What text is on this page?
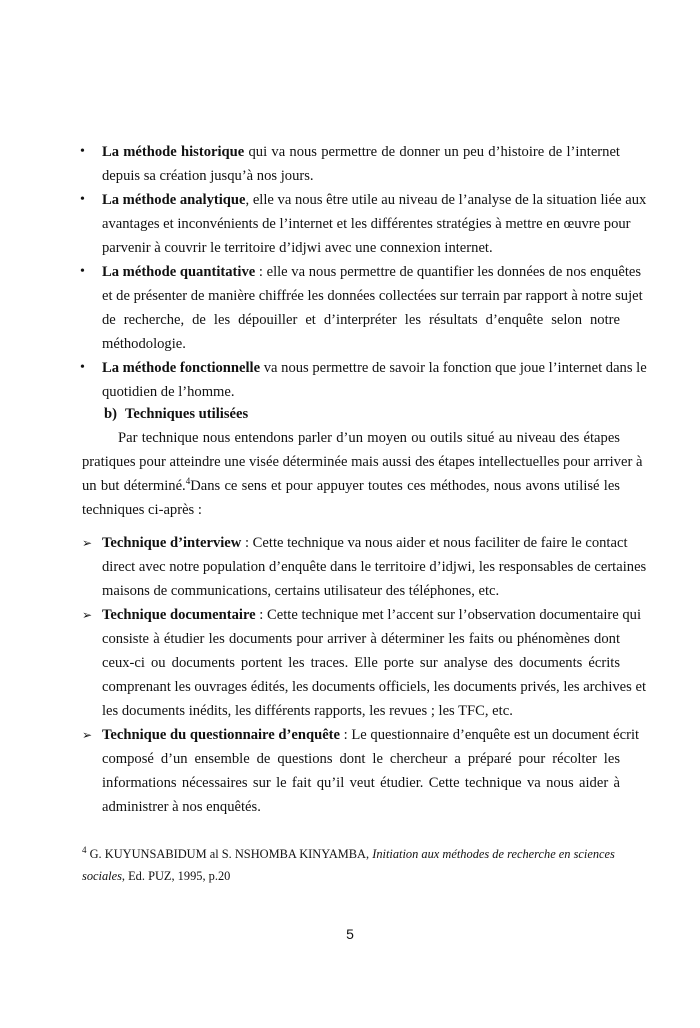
• La méthode historique qui va nous permettre de donner un peu d’histoire de l’internet
depuis sa création jusqu’à nos jours.
• La méthode analytique, elle va nous être utile au niveau de l’analyse de la situation liée aux
avantages et inconvénients de l’internet et les différentes stratégies à mettre en œuvre pour
parvenir à couvrir le territoire d’idjwi avec une connexion internet.
• La méthode quantitative : elle va nous permettre de quantifier les données de nos enquêtes
et de présenter de manière chiffrée les données collectées sur terrain par rapport à notre sujet
de recherche, de les dépouiller et d’interpréter les résultats d’enquête selon notre
méthodologie.
• La méthode fonctionnelle va nous permettre de savoir la fonction que joue l’internet dans le
quotidien de l’homme.
b) Techniques utilisées
Par technique nous entendons parler d’un moyen ou outils situé au niveau des étapes
pratiques pour atteindre une visée déterminée mais aussi des étapes intellectuelles pour arriver à
un but déterminé.$^4$Dans ce sens et pour appuyer toutes ces méthodes, nous avons utilisé les
techniques ci-après :
➢ Technique d’interview : Cette technique va nous aider et nous faciliter de faire le contact
direct avec notre population d’enquête dans le territoire d’idjwi, les responsables de certaines
maisons de communications, certains utilisateur des téléphones, etc.
➢ Technique documentaire : Cette technique met l’accent sur l’observation documentaire qui
consiste à étudier les documents pour arriver à déterminer les faits ou phénomènes dont
ceux-ci ou documents portent les traces. Elle porte sur analyse des documents écrits
comprenant les ouvrages édités, les documents officiels, les documents privés, les archives et
les documents inédits, les différents rapports, les revues ; les TFC, etc.
➢ Technique du questionnaire d’enquête : Le questionnaire d’enquête est un document écrit
composé d’un ensemble de questions dont le chercheur a préparé pour récolter les
informations nécessaires sur le fait qu’il veut étudier. Cette technique va nous aider à
administrer à nos enquêtés.
$^4$ G. KUYUNSABIDUM al S. NSHOMBA KINYAMBA, Initiation aux méthodes de recherche en sciences
sociales, Ed. PUZ, 1995, p.20
5
